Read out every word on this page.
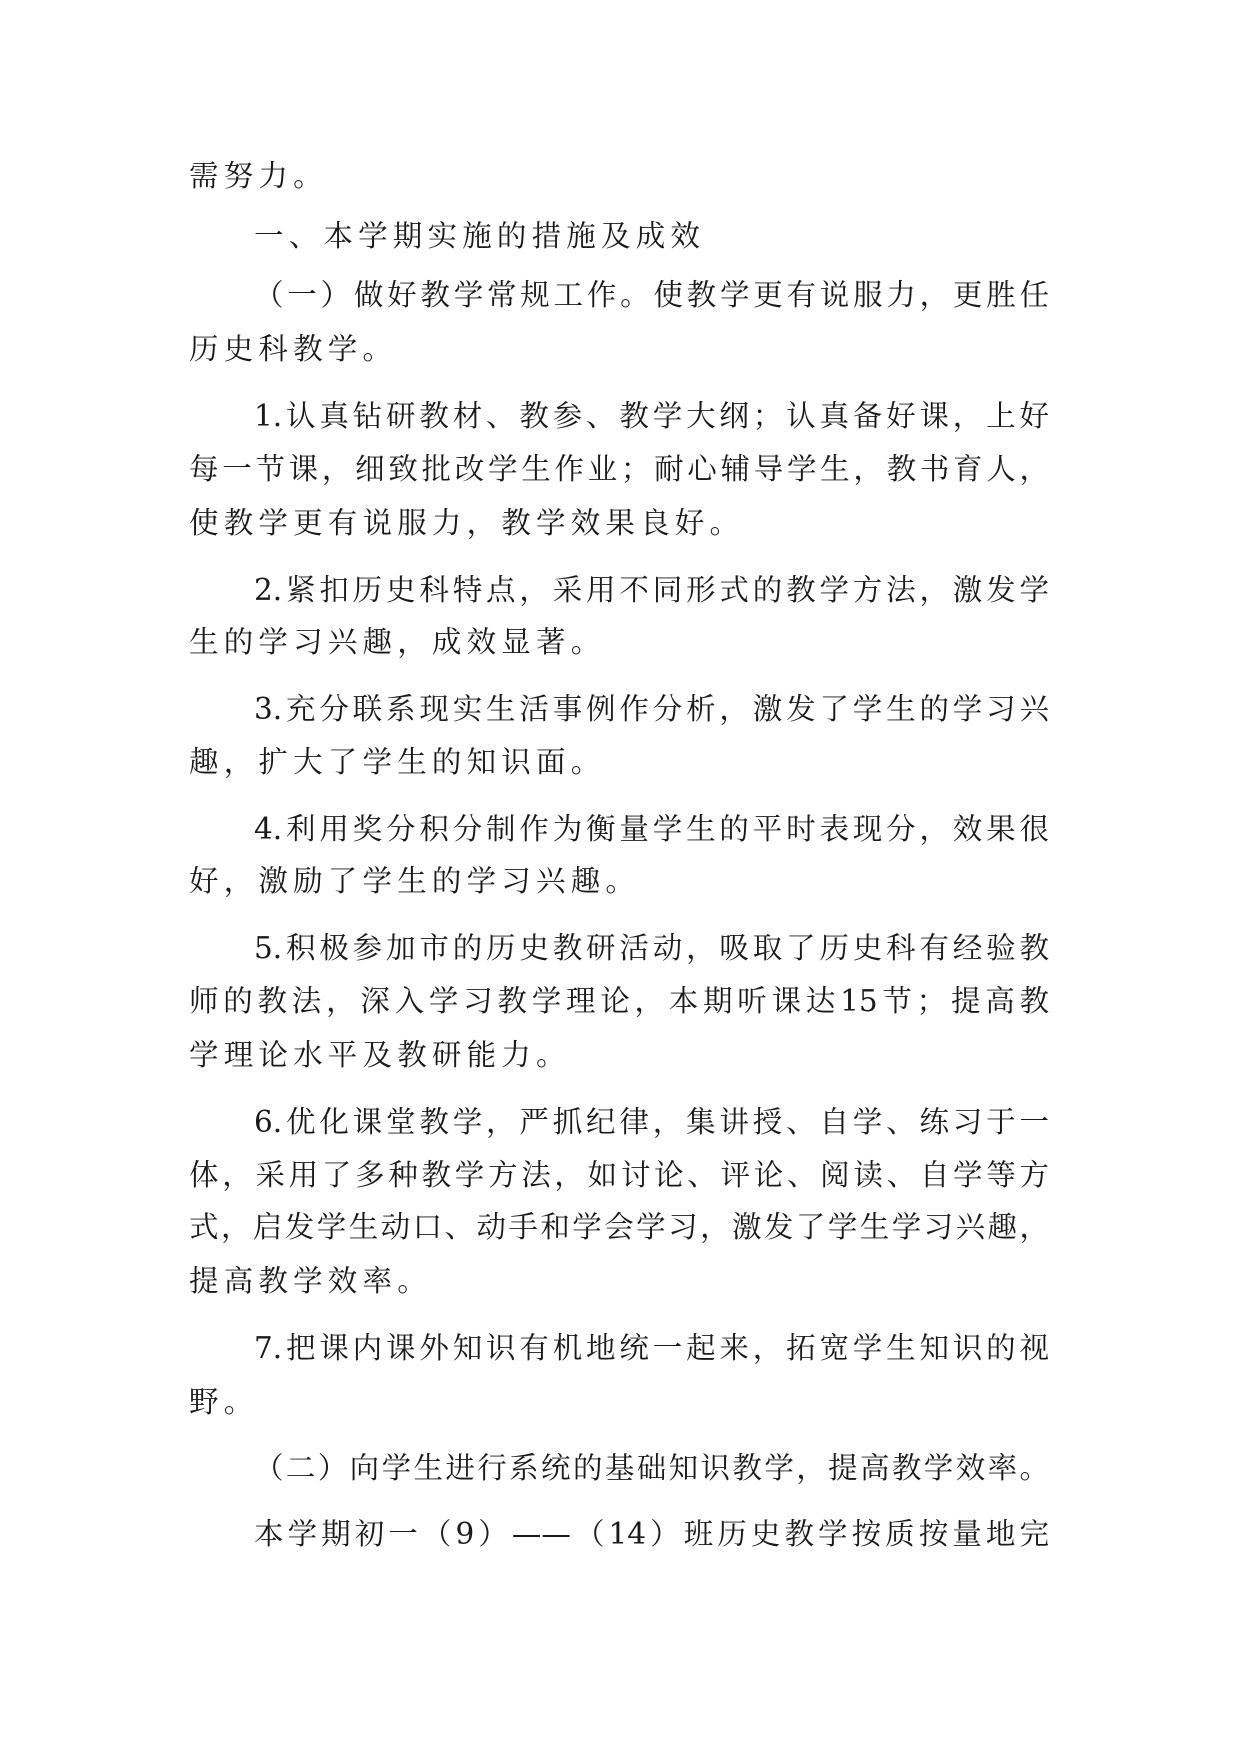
需努力。
一、本学期实施的措施及成效
（一）做好教学常规工作。使教学更有说服力，更胜任
历史科教学。
1.认真钻研教材、教参、教学大纲；认真备好课，上好
每一节课，细致批改学生作业；耐心辅导学生，教书育人，
使教学更有说服力，教学效果良好。
2.紧扣历史科特点，采用不同形式的教学方法，激发学
生的学习兴趣，成效显著。
3.充分联系现实生活事例作分析，激发了学生的学习兴
趣，扩大了学生的知识面。
4.利用奖分积分制作为衡量学生的平时表现分，效果很
好，激励了学生的学习兴趣。
5.积极参加市的历史教研活动，吸取了历史科有经验教
师的教法，深入学习教学理论，本期听课达15节；提高教
学理论水平及教研能力。
6.优化课堂教学，严抓纪律，集讲授、自学、练习于一
体，采用了多种教学方法，如讨论、评论、阅读、自学等方
式，启发学生动口、动手和学会学习，激发了学生学习兴趣，
提高教学效率。
7.把课内课外知识有机地统一起来，拓宽学生知识的视
野。
（二）向学生进行系统的基础知识教学，提高教学效率。
本学期初一（9）——（14）班历史教学按质按量地完
